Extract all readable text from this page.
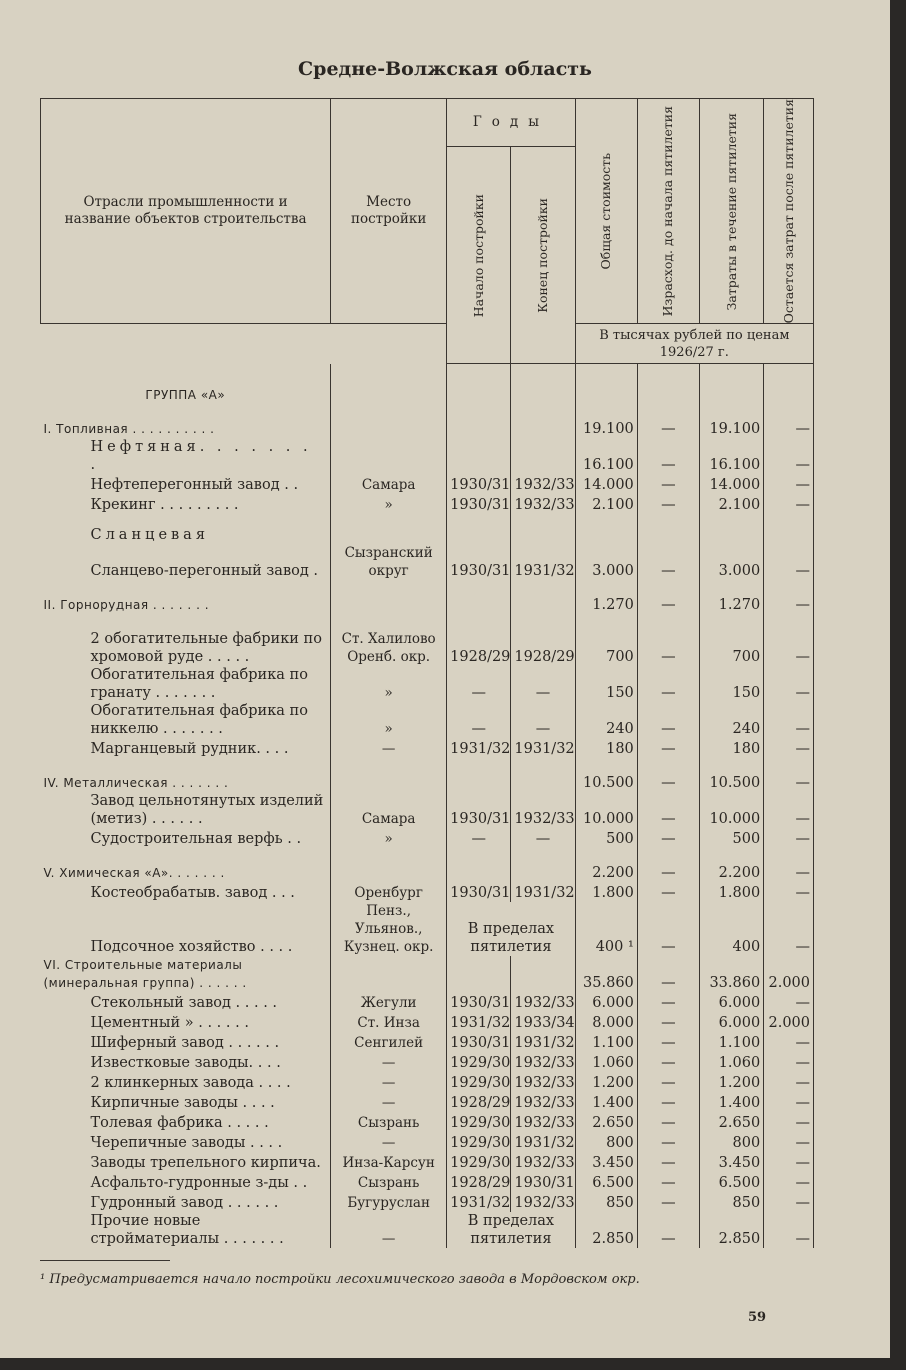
Средне-Волжская область
Отрасли промышленности и название объектов строительства	Место постройки	Годы		Общая стоимость	Израсход. до начала пятилетия	Затраты в течение пятилетия	Остается затрат после пятилетия

		Начало постройки	Конец постройки				

				В тысячах рублей по ценам 1926/27 г.			
ГРУППА «А»							
I. Топливная . . . . . . . . . .				19.100	—	19.100	—
Нефтяная. . . . . . . .				16.100	—	16.100	—
Нефтеперегонный завод . .	Самара	1930/31	1932/33	14.000	—	14.000	—
Крекинг . . . . . . . . .	»	1930/31	1932/33	2.100	—	2.100	—
Сланцевая							
Сланцево-перегонный завод .	Сызранский округ	1930/31	1931/32	3.000	—	3.000	—
II. Горнорудная . . . . . . .				1.270	—	1.270	—
2 обогатительные фабрики по хромовой руде . . . . .	Ст. Халилово Оренб. окр.	1928/29	1928/29	700	—	700	—
Обогатительная фабрика по гранату . . . . . . .	»	—	—	150	—	150	—
Обогатительная фабрика по никкелю . . . . . . .	»	—	—	240	—	240	—
Марганцевый рудник. . . .	—	1931/32	1931/32	180	—	180	—
IV. Металлическая . . . . . . .				10.500	—	10.500	—
Завод цельнотянутых изделий (метиз) . . . . . .	Самара	1930/31	1932/33	10.000	—	10.000	—
Судостроительная верфь . .	»	—	—	500	—	500	—
V. Химическая «А». . . . . . .				2.200	—	2.200	—
Костеобрабатыв. завод . . .	Оренбург	1930/31	1931/32	1.800	—	1.800	—
Подсочное хозяйство . . . .	Пенз., Ульянов., Кузнец. окр.	В пределах пятилетия		400 ¹	—	400	—
VI. Строительные материалы (минеральная группа) . . . . . .				35.860	—	33.860	2.000
Стекольный завод . . . . .	Жегули	1930/31	1932/33	6.000	—	6.000	—
Цементный » . . . . . .	Ст. Инза	1931/32	1933/34	8.000	—	6.000	2.000
Шиферный завод . . . . . .	Сенгилей	1930/31	1931/32	1.100	—	1.100	—
Известковые заводы. . . .	—	1929/30	1932/33	1.060	—	1.060	—
2 клинкерных завода . . . .	—	1929/30	1932/33	1.200	—	1.200	—
Кирпичные заводы . . . .	—	1928/29	1932/33	1.400	—	1.400	—
Толевая фабрика . . . . .	Сызрань	1929/30	1932/33	2.650	—	2.650	—
Черепичные заводы . . . .	—	1929/30	1931/32	800	—	800	—
Заводы трепельного кирпича.	Инза-Карсун	1929/30	1932/33	3.450	—	3.450	—
Асфальто-гудронные з-ды . .	Сызрань	1928/29	1930/31	6.500	—	6.500	—
Гудронный завод . . . . . .	Бугуруслан	1931/32	1932/33	850	—	850	—
Прочие новые стройматериалы . . . . . . .	—	В пределах пятилетия		2.850	—	2.850	—
¹ Предусматривается начало постройки лесохимического завода в Мордовском окр.
59
